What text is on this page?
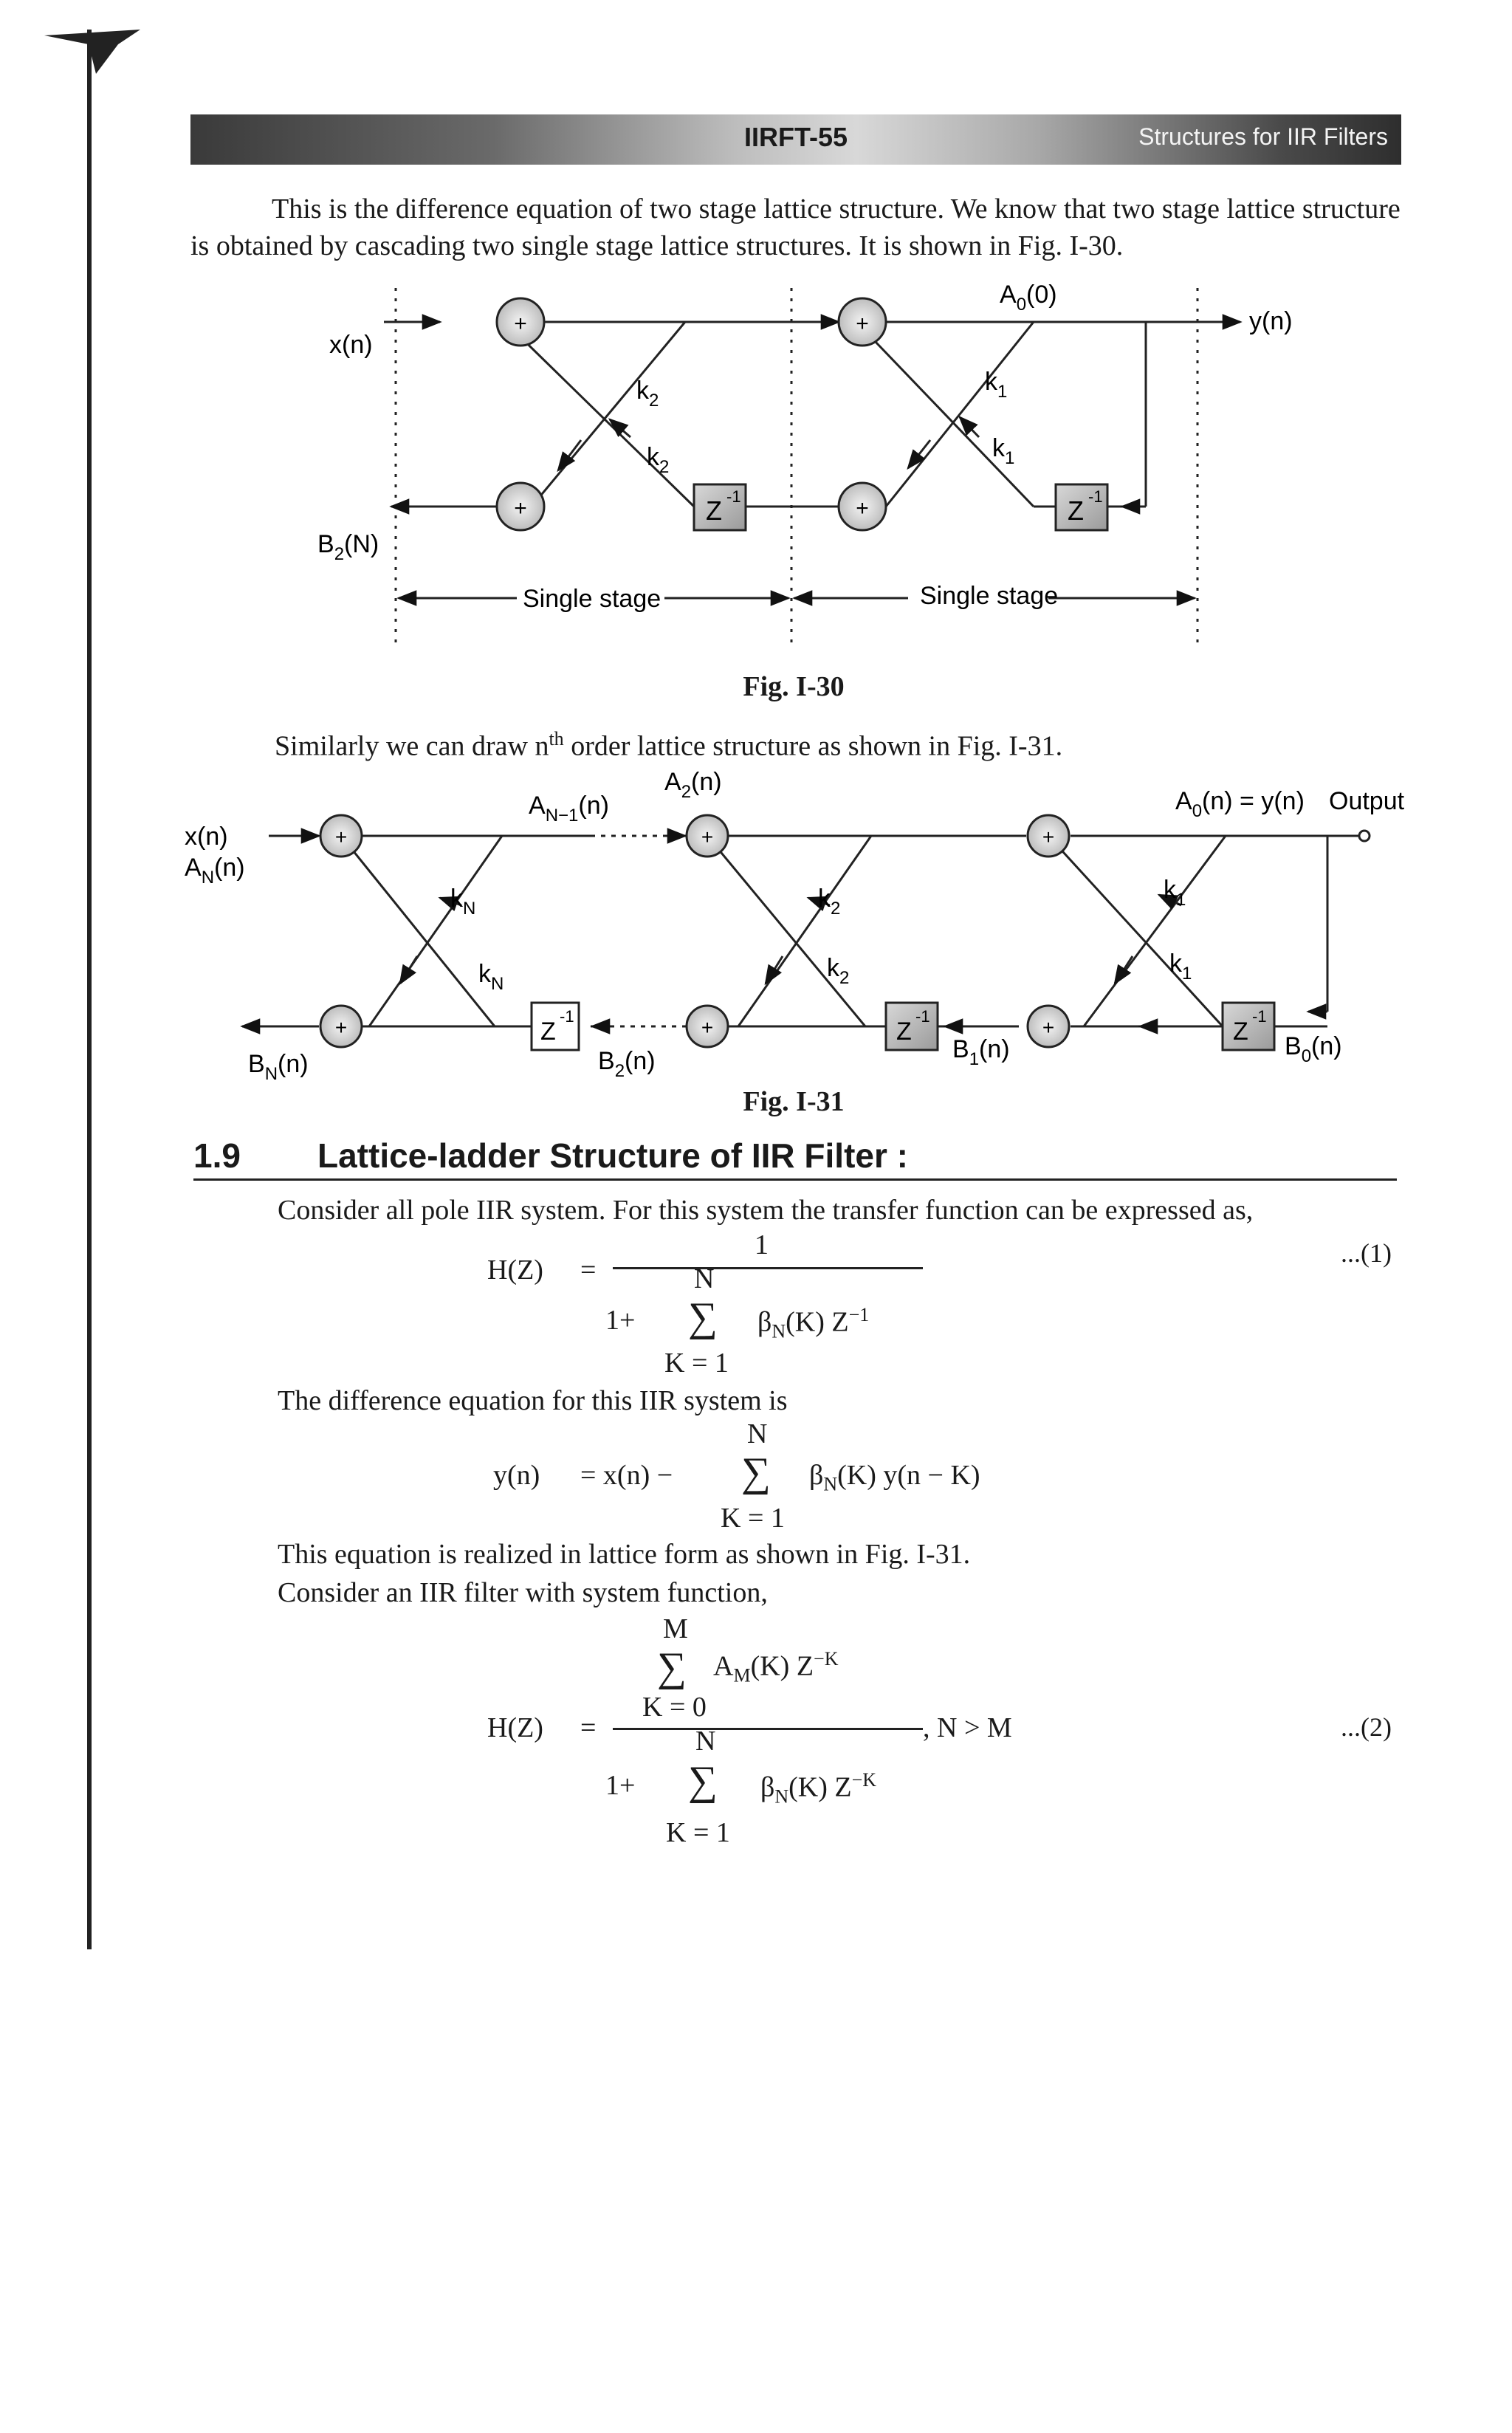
IIRFT-55	Structures for IIR Filters

This is the difference equation of two stage lattice structure. We know that two stage lattice structure is obtained by cascading two single stage lattice structures. It is shown in Fig. I-30.

+
+
+
+
Z -1	Z -1
x(n)
y(n)
$A_0(0)$
$B_2(N)$
$k_2$
$k_2$
$k_1$
$k_1$
Single stage	Single stage
Fig. I-30

Similarly we can draw $n^{th}$ order lattice structure as shown in Fig. I-31.

+
+
+
+
+
+
Z
-1
Z
-1
Z
-1
x(n)
$A_N(n)$
$A_{N-1}(n)$
$A_2(n)$
$A_0(n) = y(n)$ Output
$B_N(n)$	$B_2(n)$	$B_1(n)$	$B_0(n)$
$k_N$
$k_N$
$k_2$
$k_2$
$k_1$
$k_1$
Fig. I-31
1.9 Lattice-ladder Structure of IIR Filter :

Consider all pole IIR system. For this system the transfer function can be expressed as,

H(Z) =
1
N
1+ ∑ $\beta_N(K)$ $Z^{-1}$
K = 1
...(1)

The difference equation for this IIR system is

N
y(n) = x(n) − ∑ $\beta_N(K) y(n - K)$
K = 1

This equation is realized in lattice form as shown in Fig. I-31.

Consider an IIR filter with system function,

M
∑ $A_M(K)$ $Z^{-K}$
K = 0
H(Z) =	, N > M
N
1+ ∑ $\beta_N(K)$ $Z^{-K}$
K = 1
...(2)
